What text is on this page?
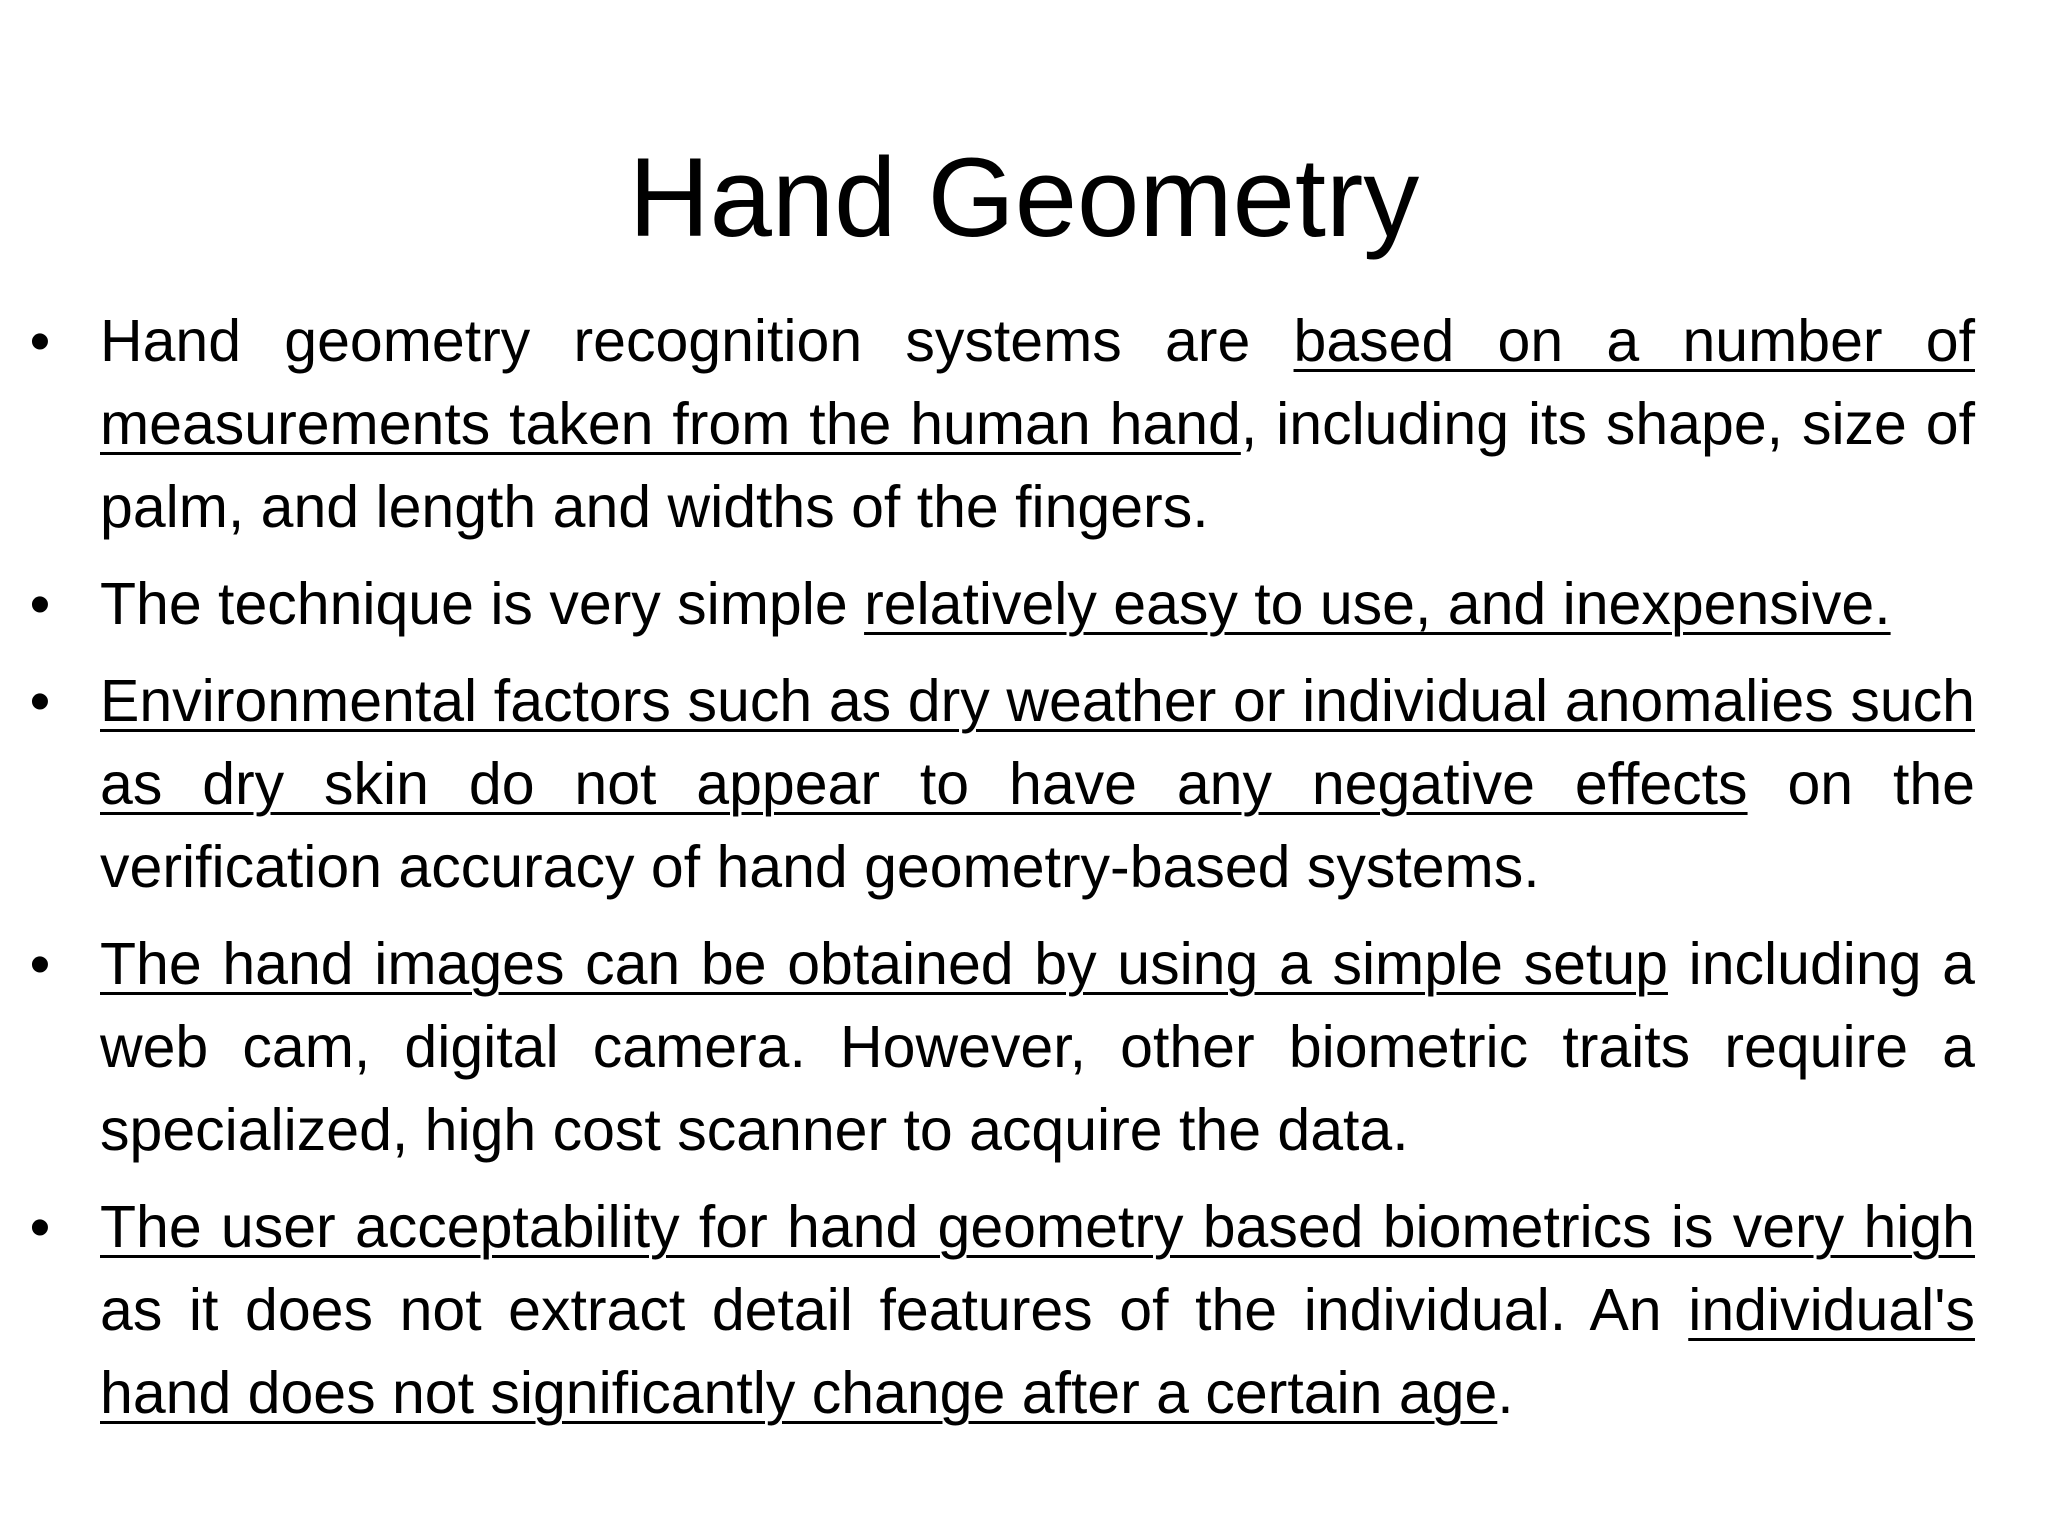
Hand Geometry
• Hand geometry recognition systems are based on a number of measurements taken from the human hand, including its shape, size of palm, and length and widths of the fingers.
• The technique is very simple relatively easy to use, and inexpensive.
• Environmental factors such as dry weather or individual anomalies such as dry skin do not appear to have any negative effects on the verification accuracy of hand geometry-based systems.
• The hand images can be obtained by using a simple setup including a web cam, digital camera. However, other biometric traits require a specialized, high cost scanner to acquire the data.
• The user acceptability for hand geometry based biometrics is very high as it does not extract detail features of the individual. An individual's hand does not significantly change after a certain age.
